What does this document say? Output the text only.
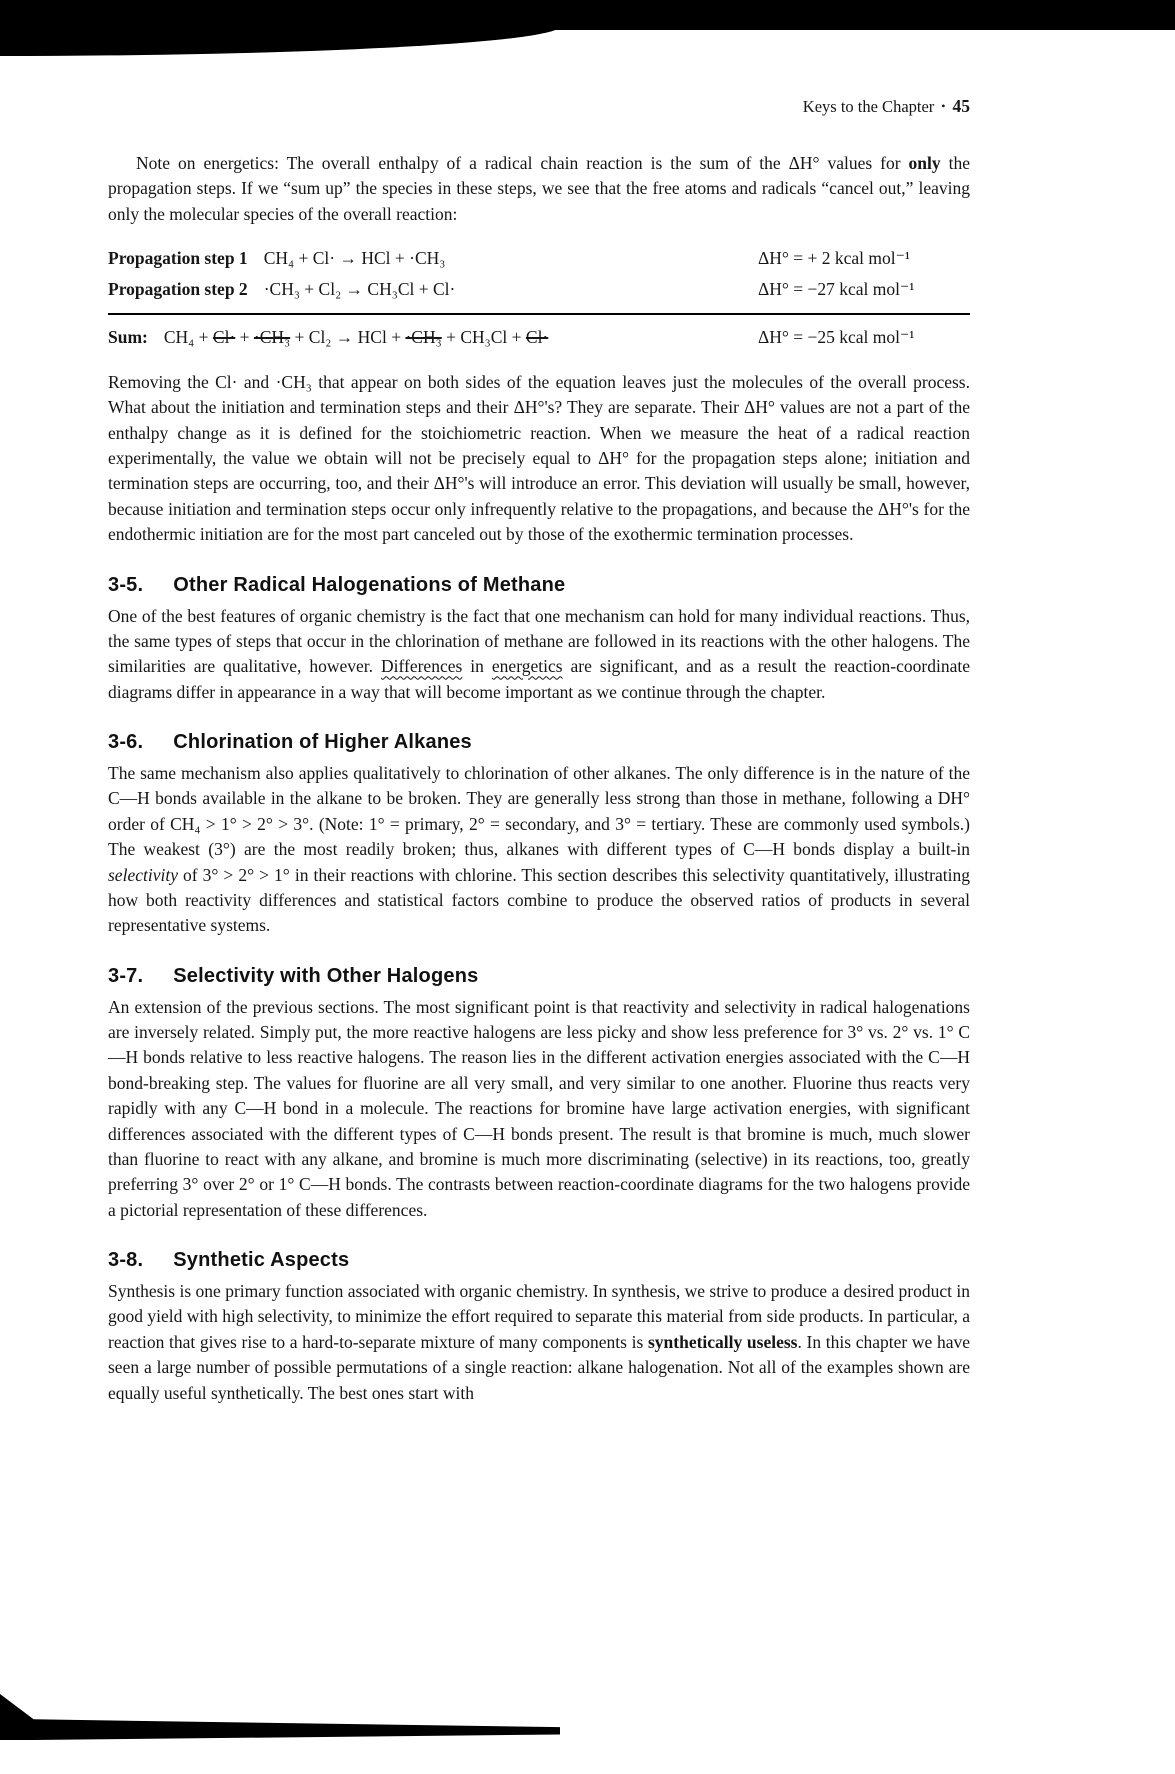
Keys to the Chapter • 45

Note on energetics: The overall enthalpy of a radical chain reaction is the sum of the ΔH° values for only the propagation steps. If we “sum up” the species in these steps, we see that the free atoms and radicals “cancel out,” leaving only the molecular species of the overall reaction:

Propagation step 1 CH₄ + Cl· → HCl + ·CH₃	ΔH° = + 2 kcal mol⁻¹
Propagation step 2 ·CH₃ + Cl₂ → CH₃Cl + Cl·	ΔH° = −27 kcal mol⁻¹
Sum: CH₄ + Cl· + ·CH₃ + Cl₂ → HCl + ·CH₃ + CH₃Cl + Cl·	ΔH° = −25 kcal mol⁻¹

Removing the Cl· and ·CH₃ that appear on both sides of the equation leaves just the molecules of the overall process. What about the initiation and termination steps and their ΔH°'s? They are separate. Their ΔH° values are not a part of the enthalpy change as it is defined for the stoichiometric reaction. When we measure the heat of a radical reaction experimentally, the value we obtain will not be precisely equal to ΔH° for the propagation steps alone; initiation and termination steps are occurring, too, and their ΔH°'s will introduce an error. This deviation will usually be small, however, because initiation and termination steps occur only infrequently relative to the propagations, and because the ΔH°'s for the endothermic initiation are for the most part canceled out by those of the exothermic termination processes.

3-5. Other Radical Halogenations of Methane

One of the best features of organic chemistry is the fact that one mechanism can hold for many individual reactions. Thus, the same types of steps that occur in the chlorination of methane are followed in its reactions with the other halogens. The similarities are qualitative, however. Differences in energetics are significant, and as a result the reaction-coordinate diagrams differ in appearance in a way that will become important as we continue through the chapter.

3-6. Chlorination of Higher Alkanes

The same mechanism also applies qualitatively to chlorination of other alkanes. The only difference is in the nature of the C—H bonds available in the alkane to be broken. They are generally less strong than those in methane, following a DH° order of CH₄ > 1° > 2° > 3°. (Note: 1° = primary, 2° = secondary, and 3° = tertiary. These are commonly used symbols.) The weakest (3°) are the most readily broken; thus, alkanes with different types of C—H bonds display a built-in selectivity of 3° > 2° > 1° in their reactions with chlorine. This section describes this selectivity quantitatively, illustrating how both reactivity differences and statistical factors combine to produce the observed ratios of products in several representative systems.

3-7. Selectivity with Other Halogens

An extension of the previous sections. The most significant point is that reactivity and selectivity in radical halogenations are inversely related. Simply put, the more reactive halogens are less picky and show less preference for 3° vs. 2° vs. 1° C—H bonds relative to less reactive halogens. The reason lies in the different activation energies associated with the C—H bond-breaking step. The values for fluorine are all very small, and very similar to one another. Fluorine thus reacts very rapidly with any C—H bond in a molecule. The reactions for bromine have large activation energies, with significant differences associated with the different types of C—H bonds present. The result is that bromine is much, much slower than fluorine to react with any alkane, and bromine is much more discriminating (selective) in its reactions, too, greatly preferring 3° over 2° or 1° C—H bonds. The contrasts between reaction-coordinate diagrams for the two halogens provide a pictorial representation of these differences.

3-8. Synthetic Aspects

Synthesis is one primary function associated with organic chemistry. In synthesis, we strive to produce a desired product in good yield with high selectivity, to minimize the effort required to separate this material from side products. In particular, a reaction that gives rise to a hard-to-separate mixture of many components is synthetically useless. In this chapter we have seen a large number of possible permutations of a single reaction: alkane halogenation. Not all of the examples shown are equally useful synthetically. The best ones start with
